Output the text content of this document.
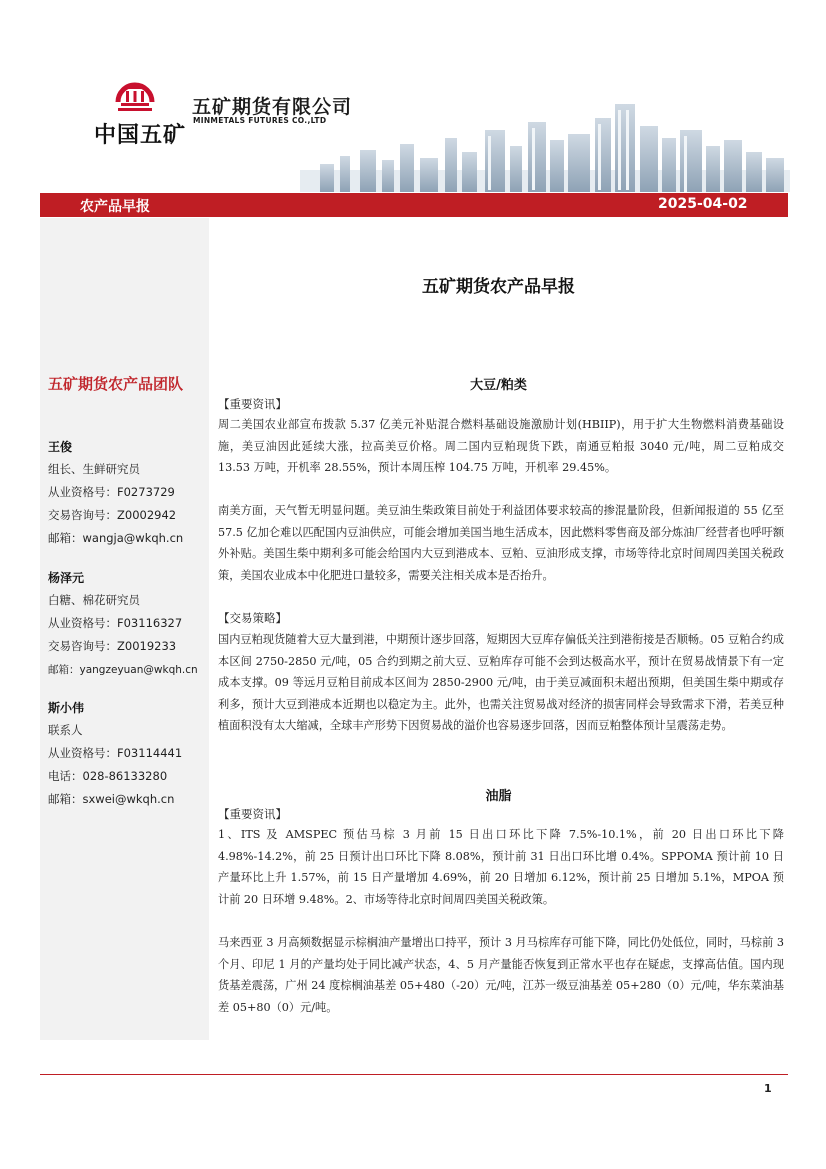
中国五矿
五矿期货有限公司
MINMETALS FUTURES CO.,LTD
农产品早报	2025-04-02
五矿期货农产品团队
王俊
组长、生鲜研究员
从业资格号：F0273729
交易咨询号：Z0002942
邮箱：wangja@wkqh.cn
杨泽元
白糖、棉花研究员
从业资格号：F03116327
交易咨询号：Z0019233
邮箱：yangzeyuan@wkqh.cn
斯小伟
联系人
从业资格号：F03114441
电话：028-86133280
邮箱：sxwei@wkqh.cn
五矿期货农产品早报
大豆/粕类
【重要资讯】
周二美国农业部宣布拨款 5.37 亿美元补贴混合燃料基础设施激励计划(HBIIP)，用于扩大生物燃料消费基础设施，美豆油因此延续大涨，拉高美豆价格。周二国内豆粕现货下跌，南通豆粕报 3040 元/吨，周二豆粕成交 13.53 万吨，开机率 28.55%，预计本周压榨 104.75 万吨，开机率 29.45%。
南美方面，天气暂无明显问题。美豆油生柴政策目前处于利益团体要求较高的掺混量阶段，但新闻报道的 55 亿至 57.5 亿加仑难以匹配国内豆油供应，可能会增加美国当地生活成本，因此燃料零售商及部分炼油厂经营者也呼吁额外补贴。美国生柴中期利多可能会给国内大豆到港成本、豆粕、豆油形成支撑，市场等待北京时间周四美国关税政策，美国农业成本中化肥进口量较多，需要关注相关成本是否抬升。
【交易策略】
国内豆粕现货随着大豆大量到港，中期预计逐步回落，短期因大豆库存偏低关注到港衔接是否顺畅。05 豆粕合约成本区间 2750-2850 元/吨，05 合约到期之前大豆、豆粕库存可能不会到达极高水平，预计在贸易战情景下有一定成本支撑。09 等远月豆粕目前成本区间为 2850-2900 元/吨，由于美豆减面积未超出预期，但美国生柴中期或存利多，预计大豆到港成本近期也以稳定为主。此外，也需关注贸易战对经济的损害同样会导致需求下滑，若美豆种植面积没有太大缩减，全球丰产形势下因贸易战的溢价也容易逐步回落，因而豆粕整体预计呈震荡走势。
油脂
【重要资讯】
1、ITS 及 AMSPEC 预估马棕 3 月前 15 日出口环比下降 7.5%-10.1%，前 20 日出口环比下降 4.98%-14.2%，前 25 日预计出口环比下降 8.08%，预计前 31 日出口环比增 0.4%。SPPOMA 预计前 10 日产量环比上升 1.57%，前 15 日产量增加 4.69%，前 20 日增加 6.12%，预计前 25 日增加 5.1%，MPOA 预计前 20 日环增 9.48%。2、市场等待北京时间周四美国关税政策。
马来西亚 3 月高频数据显示棕榈油产量增出口持平，预计 3 月马棕库存可能下降，同比仍处低位，同时，马棕前 3 个月、印尼 1 月的产量均处于同比减产状态，4、5 月产量能否恢复到正常水平也存在疑虑，支撑高估值。国内现货基差震荡，广州 24 度棕榈油基差 05+480（-20）元/吨，江苏一级豆油基差 05+280（0）元/吨，华东菜油基差 05+80（0）元/吨。
1
